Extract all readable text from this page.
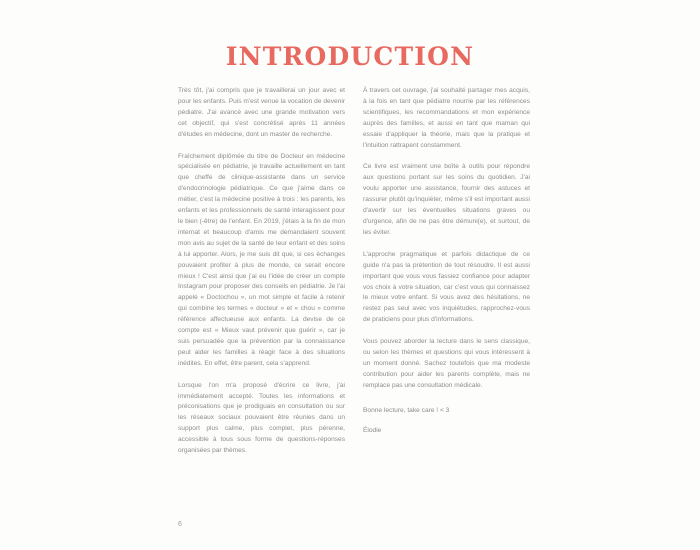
INTRODUCTION

Très tôt, j'ai compris que je travaillerai un jour avec et pour les enfants. Puis m'est venue la vocation de devenir pédiatre. J'ai avancé avec une grande motivation vers cet objectif, qui s'est concrétisé après 11 années d'études en médecine, dont un master de recherche.

Fraîchement diplômée du titre de Docteur en médecine spécialisée en pédiatrie, je travaille actuellement en tant que cheffe de clinique-assistante dans un service d'endocrinologie pédiatrique. Ce que j'aime dans ce métier, c'est la médecine positive à trois : les parents, les enfants et les professionnels de santé interagissent pour le bien (-être) de l'enfant. En 2019, j'étais à la fin de mon internat et beaucoup d'amis me demandaient souvent mon avis au sujet de la santé de leur enfant et des soins à lui apporter. Alors, je me suis dit que, si ces échanges pouvaient profiter à plus de monde, ce serait encore mieux ! C'est ainsi que j'ai eu l'idée de créer un compte Instagram pour proposer des conseils en pédiatrie. Je l'ai appelé « Doctochou », un mot simple et facile à retenir qui combine les termes « docteur » et « chou » comme référence affectueuse aux enfants. La devise de ce compte est « Mieux vaut prévenir que guérir », car je suis persuadée que la prévention par la connaissance peut aider les familles à réagir face à des situations inédites. En effet, être parent, cela s'apprend.

Lorsque l'on m'a proposé d'écrire ce livre, j'ai immédiatement accepté. Toutes les informations et préconisations que je prodiguais en consultation ou sur les réseaux sociaux pouvaient être réunies dans un support plus calme, plus complet, plus pérenne, accessible à tous sous forme de questions-réponses organisées par thèmes.

À travers cet ouvrage, j'ai souhaité partager mes acquis, à la fois en tant que pédiatre nourrie par les références scientifiques, les recommandations et mon expérience auprès des familles, et aussi en tant que maman qui essaie d'appliquer la théorie, mais que la pratique et l'intuition rattrapent constamment.

Ce livre est vraiment une boîte à outils pour répondre aux questions portant sur les soins du quotidien. J'ai voulu apporter une assistance, fournir des astuces et rassurer plutôt qu'inquiéter, même s'il est important aussi d'avertir sur les éventuelles situations graves ou d'urgence, afin de ne pas être démuni(e), et surtout, de les éviter.

L'approche pragmatique et parfois didactique de ce guide n'a pas la prétention de tout résoudre. Il est aussi important que vous vous fassiez confiance pour adapter vos choix à votre situation, car c'est vous qui connaissez le mieux votre enfant. Si vous avez des hésitations, ne restez pas seul avec vos inquiétudes, rapprochez-vous de praticiens pour plus d'informations.

Vous pouvez aborder la lecture dans le sens classique, ou selon les thèmes et questions qui vous intéressent à un moment donné. Sachez toutefois que ma modeste contribution pour aider les parents complète, mais ne remplace pas une consultation médicale.

Bonne lecture, take care ! < 3

Élodie

6
